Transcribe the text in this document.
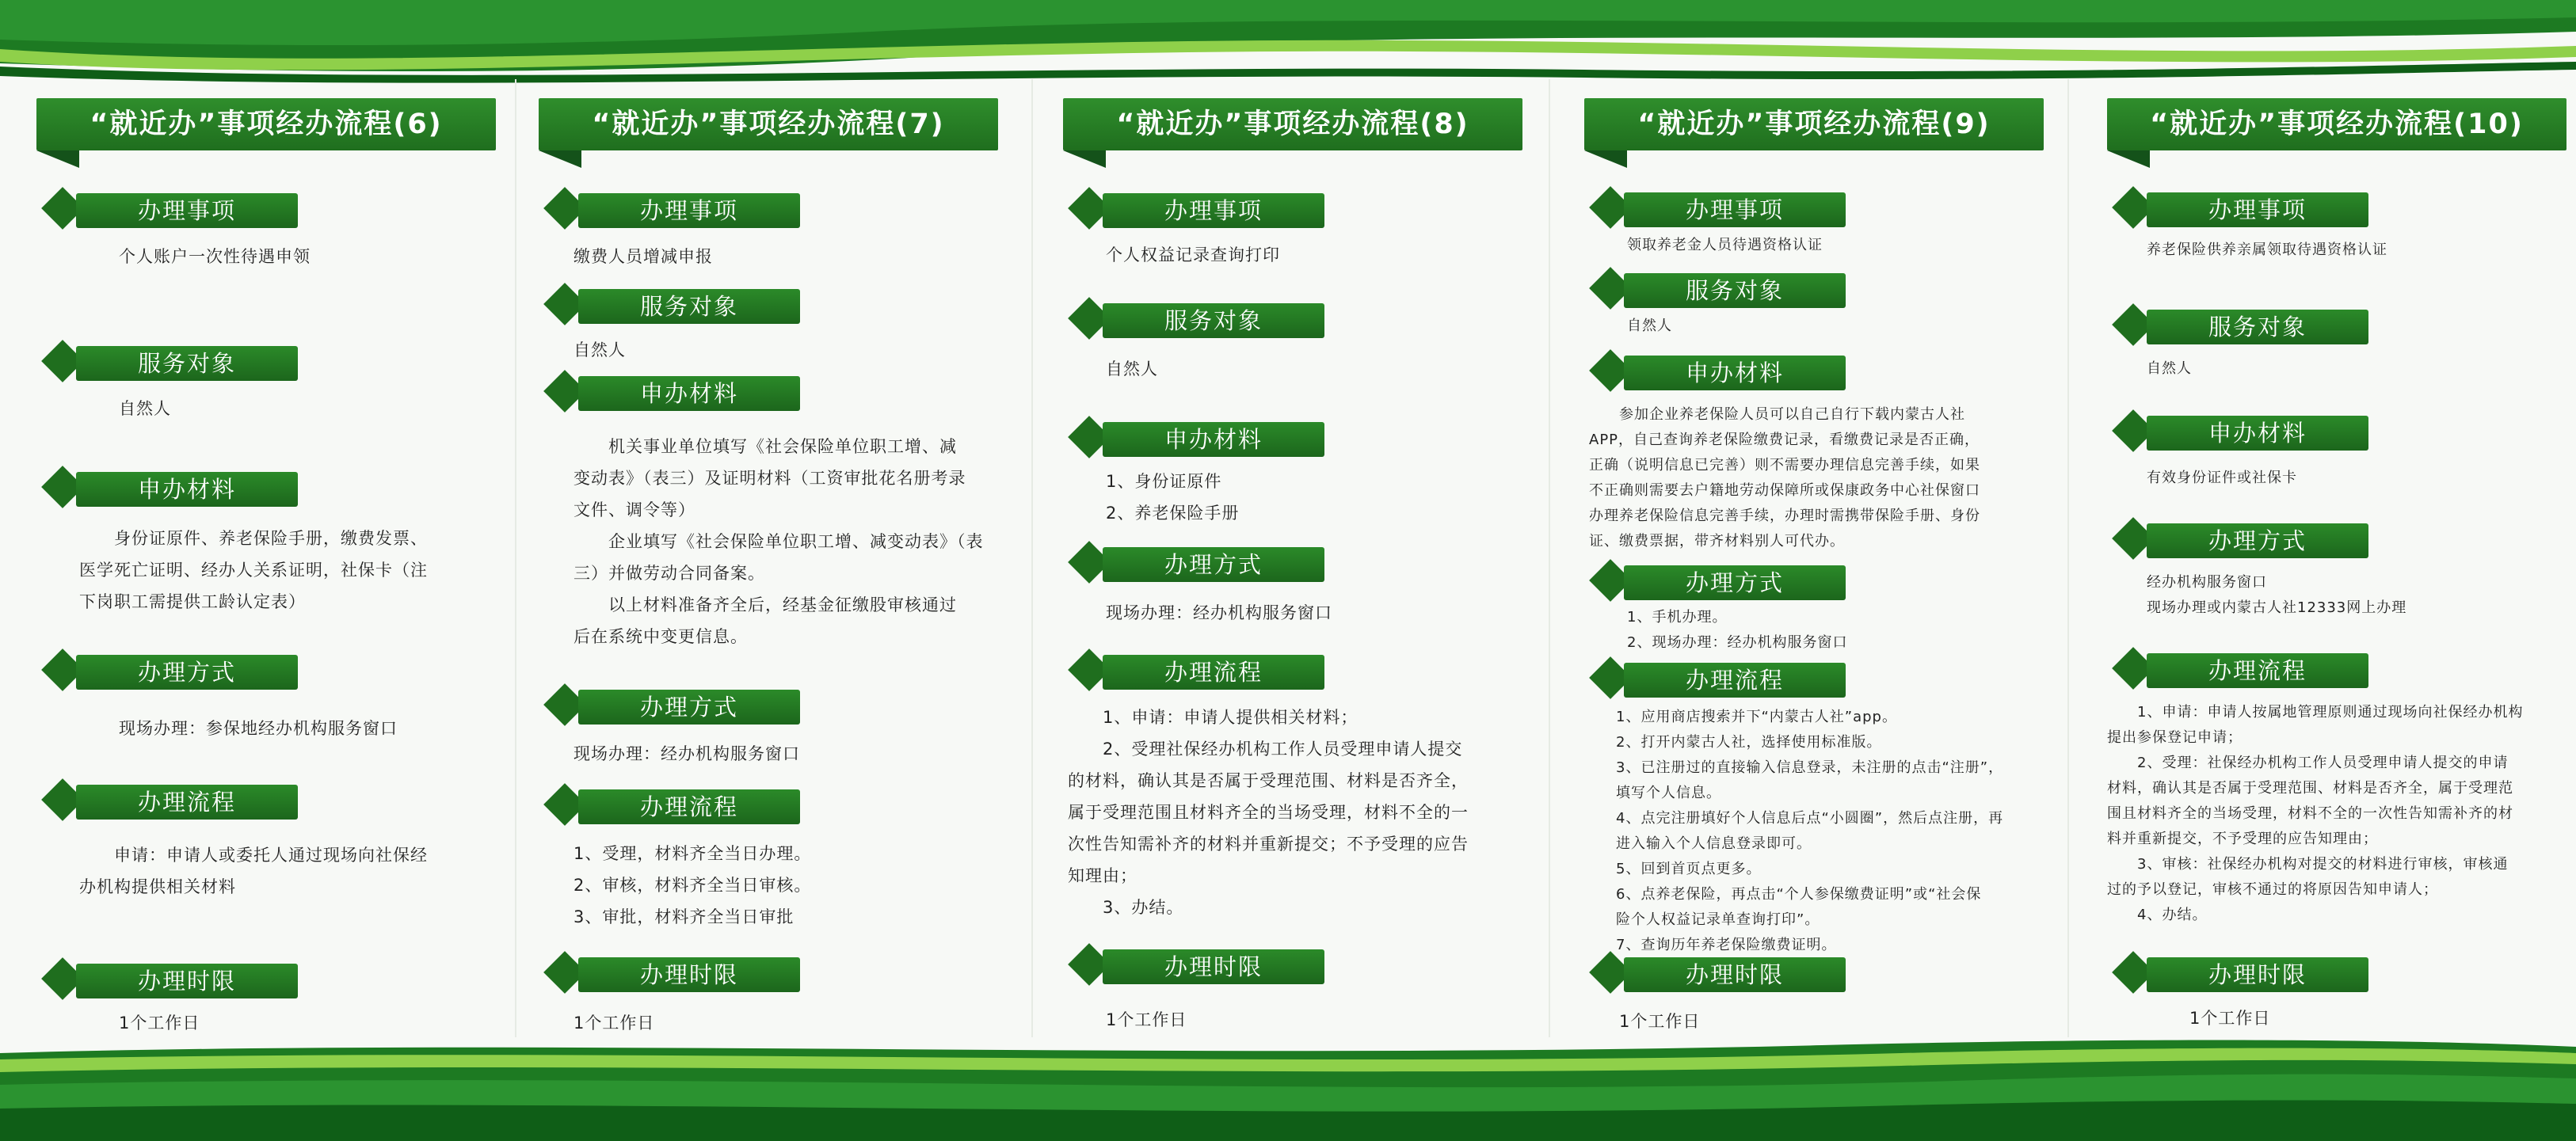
“就近办”事项经办流程(6)
办理事项
个人账户一次性待遇申领
服务对象
自然人
申办材料
　　身份证原件、养老保险手册，缴费发票、
医学死亡证明、经办人关系证明，社保卡（注
下岗职工需提供工龄认定表）
办理方式
现场办理：参保地经办机构服务窗口
办理流程
　　申请：申请人或委托人通过现场向社保经
办机构提供相关材料
办理时限
1个工作日
“就近办”事项经办流程(7)
办理事项
缴费人员增减申报
服务对象
自然人
申办材料
　　机关事业单位填写《社会保险单位职工增、减
变动表》（表三）及证明材料（工资审批花名册考录
文件、调令等）
　　企业填写《社会保险单位职工增、减变动表》（表
三）并做劳动合同备案。
　　以上材料准备齐全后，经基金征缴股审核通过
后在系统中变更信息。
办理方式
现场办理：经办机构服务窗口
办理流程
1、受理，材料齐全当日办理。
2、审核，材料齐全当日审核。
3、审批，材料齐全当日审批
办理时限
1个工作日
“就近办”事项经办流程(8)
办理事项
个人权益记录查询打印
服务对象
自然人
申办材料
1、身份证原件
2、养老保险手册
办理方式
现场办理：经办机构服务窗口
办理流程
　　1、申请：申请人提供相关材料；
　　2、受理社保经办机构工作人员受理申请人提交
的材料，确认其是否属于受理范围、材料是否齐全，
属于受理范围且材料齐全的当场受理，材料不全的一
次性告知需补齐的材料并重新提交；不予受理的应告
知理由；
　　3、办结。
办理时限
1个工作日
“就近办”事项经办流程(9)
办理事项
领取养老金人员待遇资格认证
服务对象
自然人
申办材料
　　参加企业养老保险人员可以自己自行下载内蒙古人社
APP，自己查询养老保险缴费记录，看缴费记录是否正确，
正确（说明信息已完善）则不需要办理信息完善手续，如果
不正确则需要去户籍地劳动保障所或保康政务中心社保窗口
办理养老保险信息完善手续，办理时需携带保险手册、身份
证、缴费票据，带齐材料别人可代办。
办理方式
1、手机办理。
2、现场办理：经办机构服务窗口
办理流程
1、应用商店搜索并下“内蒙古人社”app。
2、打开内蒙古人社，选择使用标准版。
3、已注册过的直接输入信息登录，未注册的点击“注册”，
填写个人信息。
4、点完注册填好个人信息后点“小圆圈”，然后点注册，再
进入输入个人信息登录即可。
5、回到首页点更多。
6、点养老保险，再点击“个人参保缴费证明”或“社会保
险个人权益记录单查询打印”。
7、查询历年养老保险缴费证明。
办理时限
1个工作日
“就近办”事项经办流程(10)
办理事项
养老保险供养亲属领取待遇资格认证
服务对象
自然人
申办材料
有效身份证件或社保卡
办理方式
经办机构服务窗口
现场办理或内蒙古人社12333网上办理
办理流程
　　1、申请：申请人按属地管理原则通过现场向社保经办机构
提出参保登记申请；
　　2、受理：社保经办机构工作人员受理申请人提交的申请
材料，确认其是否属于受理范围、材料是否齐全，属于受理范
围且材料齐全的当场受理，材料不全的一次性告知需补齐的材
料并重新提交，不予受理的应告知理由；
　　3、审核：社保经办机构对提交的材料进行审核，审核通
过的予以登记，审核不通过的将原因告知申请人；
　　4、办结。
办理时限
1个工作日
